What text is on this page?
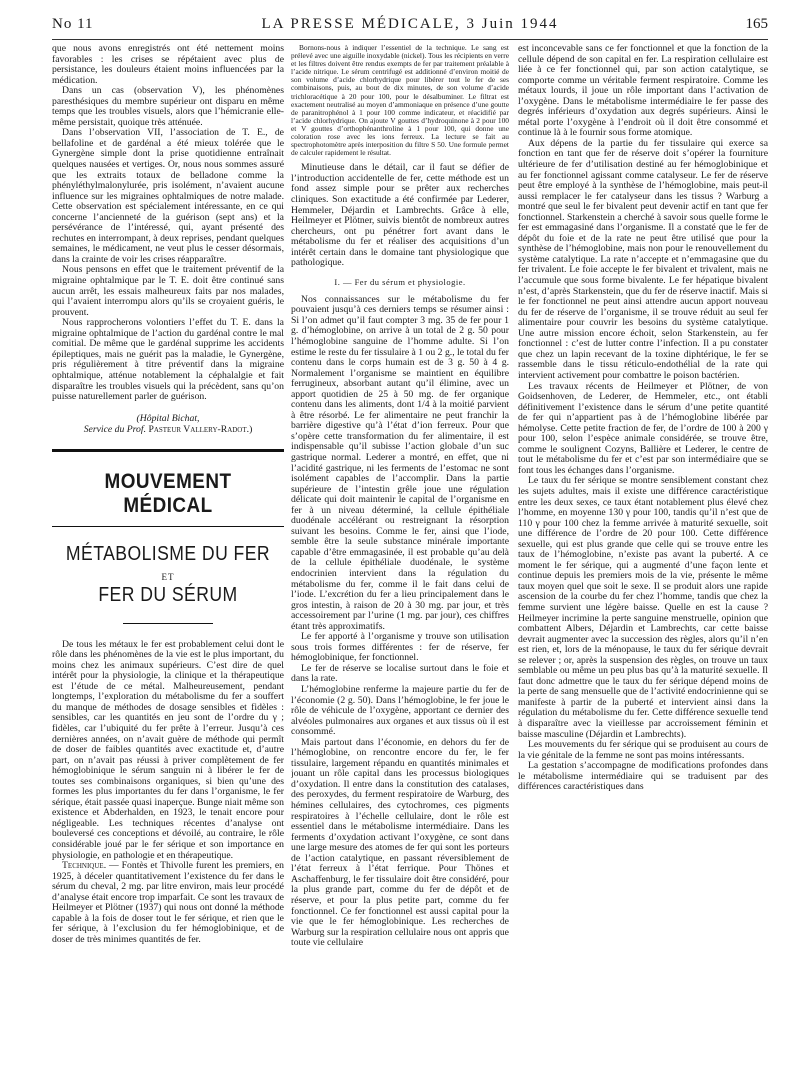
No 11	LA PRESSE MÉDICALE, 3 Juin 1944	165

que nous avons enregistrés ont été nettement moins favorables : les crises se répétaient avec plus de persistance, les douleurs étaient moins influencées par la médication.

Dans un cas (observation V), les phénomènes paresthésiques du membre supérieur ont disparu en même temps que les troubles visuels, alors que l’hémicranie elle-même persistait, quoique très atténuée.

Dans l’observation VII, l’association de T. E., de bellafoline et de gardénal a été mieux tolérée que le Gynergène simple dont la prise quotidienne entraînait quelques nausées et vertiges. Or, nous nous sommes assuré que les extraits totaux de belladone comme la phényléthylmalonylurée, pris isolément, n’avaient aucune influence sur les migraines ophtalmiques de notre malade. Cette observation est spécialement intéressante, en ce qui concerne l’ancienneté de la guérison (sept ans) et la persévérance de l’intéressé, qui, ayant présenté des rechutes en interrompant, à deux reprises, pendant quelques semaines, le médicament, ne veut plus le cesser désormais, dans la crainte de voir les crises réapparaître.

Nous pensons en effet que le traitement préventif de la migraine ophtalmique par le T. E. doit être continué sans aucun arrêt, les essais malheureux faits par nos malades, qui l’avaient interrompu alors qu’ils se croyaient guéris, le prouvent.

Nous rapprocherons volontiers l’effet du T. E. dans la migraine ophtalmique de l’action du gardénal contre le mal comitial. De même que le gardénal supprime les accidents épileptiques, mais ne guérit pas la maladie, le Gynergène, pris régulièrement à titre préventif dans la migraine ophtalmique, atténue notablement la céphalalgie et fait disparaître les troubles visuels qui la précèdent, sans qu’on puisse naturellement parler de guérison.

(Hôpital Bichat,
Service du Prof. Pasteur Vallery-Radot.)
MOUVEMENT MÉDICAL
MÉTABOLISME DU FER
ET
FER DU SÉRUM

De tous les métaux le fer est probablement celui dont le rôle dans les phénomènes de la vie est le plus important, du moins chez les animaux supérieurs. C’est dire de quel intérêt pour la physiologie, la clinique et la thérapeutique est l’étude de ce métal. Malheureusement, pendant longtemps, l’exploration du métabolisme du fer a souffert du manque de méthodes de dosage sensibles et fidèles : sensibles, car les quantités en jeu sont de l’ordre du γ ; fidèles, car l’ubiquité du fer prête à l’erreur. Jusqu’à ces dernières années, on n’avait guère de méthode qui permît de doser de faibles quantités avec exactitude et, d’autre part, on n’avait pas réussi à priver complètement de fer hémoglobinique le sérum sanguin ni à libérer le fer de toutes ses combinaisons organiques, si bien qu’une des formes les plus importantes du fer dans l’organisme, le fer sérique, était passée quasi inaperçue. Bunge niait même son existence et Abderhalden, en 1923, le tenait encore pour négligeable. Les techniques récentes d’analyse ont bouleversé ces conceptions et dévoilé, au contraire, le rôle considérable joué par le fer sérique et son importance en physiologie, en pathologie et en thérapeutique.

Technique. — Fontès et Thivolle furent les premiers, en 1925, à déceler quantitativement l’existence du fer dans le sérum du cheval, 2 mg. par litre environ, mais leur procédé d’analyse était encore trop imparfait. Ce sont les travaux de Heilmeyer et Plötner (1937) qui nous ont donné la méthode capable à la fois de doser tout le fer sérique, et rien que le fer sérique, à l’exclusion du fer hémoglobinique, et de doser de très minimes quantités de fer.

Bornons-nous à indiquer l’essentiel de la technique. Le sang est prélevé avec une aiguille inoxydable (nickel). Tous les récipients en verre et les filtres doivent être rendus exempts de fer par traitement préalable à l’acide nitrique. Le sérum centrifugé est additionné d’environ moitié de son volume d’acide chlorhydrique pour libérer tout le fer de ses combinaisons, puis, au bout de dix minutes, de son volume d’acide trichloracétique à 20 pour 100, pour le désalbuminer. Le filtrat est exactement neutralisé au moyen d’ammoniaque en présence d’une goutte de paranitrophénol à 1 pour 100 comme indicateur, et réacidifié par l’acide chlorhydrique. On ajoute V gouttes d’hydroquinone à 2 pour 100 et V gouttes d’orthophénanthroline à 1 pour 100, qui donne une coloration rose avec les ions ferreux. La lecture se fait au spectrophotomètre après interposition du filtre S 50. Une formule permet de calculer rapidement le résultat.

Minutieuse dans le détail, car il faut se défier de l’introduction accidentelle de fer, cette méthode est un fond assez simple pour se prêter aux recherches cliniques. Son exactitude a été confirmée par Lederer, Hemmeler, Déjardin et Lambrechts. Grâce à elle, Heilmeyer et Plötner, suivis bientôt de nombreux autres chercheurs, ont pu pénétrer fort avant dans le métabolisme du fer et réaliser des acquisitions d’un intérêt certain dans le domaine tant physiologique que pathologique.

I. — Fer du sérum et physiologie.

Nos connaissances sur le métabolisme du fer pouvaient jusqu’à ces derniers temps se résumer ainsi : Si l’on admet qu’il faut compter 3 mg. 35 de fer pour 1 g. d’hémoglobine, on arrive à un total de 2 g. 50 pour l’hémoglobine sanguine de l’homme adulte. Si l’on estime le reste du fer tissulaire à 1 ou 2 g., le total du fer contenu dans le corps humain est de 3 g. 50 à 4 g. Normalement l’organisme se maintient en équilibre ferrugineux, absorbant autant qu’il élimine, avec un apport quotidien de 25 à 50 mg. de fer organique contenu dans les aliments, dont 1/4 à la moitié parvient à être résorbé. Le fer alimentaire ne peut franchir la barrière digestive qu’à l’état d’ion ferreux. Pour que s’opère cette transformation du fer alimentaire, il est indispensable qu’il subisse l’action globale d’un suc gastrique normal. Lederer a montré, en effet, que ni l’acidité gastrique, ni les ferments de l’estomac ne sont isolément capables de l’accomplir. Dans la partie supérieure de l’intestin grêle joue une régulation délicate qui doit maintenir le capital de l’organisme en fer à un niveau déterminé, la cellule épithéliale duodénale accélérant ou restreignant la résorption suivant les besoins. Comme le fer, ainsi que l’iode, semble être la seule substance minérale importante capable d’être emmagasinée, il est probable qu’au delà de la cellule épithéliale duodénale, le système endocrinien intervient dans la régulation du métabolisme du fer, comme il le fait dans celui de l’iode. L’excrétion du fer a lieu principalement dans le gros intestin, à raison de 20 à 30 mg. par jour, et très accessoirement par l’urine (1 mg. par jour), ces chiffres étant très approximatifs.

Le fer apporté à l’organisme y trouve son utilisation sous trois formes différentes : fer de réserve, fer hémoglobinique, fer fonctionnel.

Le fer de réserve se localise surtout dans le foie et dans la rate.

L’hémoglobine renferme la majeure partie du fer de l’économie (2 g. 50). Dans l’hémoglobine, le fer joue le rôle de véhicule de l’oxygène, apportant ce dernier des alvéoles pulmonaires aux organes et aux tissus où il est consommé.

Mais partout dans l’économie, en dehors du fer de l’hémoglobine, on rencontre encore du fer, le fer tissulaire, largement répandu en quantités minimales et jouant un rôle capital dans les processus biologiques d’oxydation. Il entre dans la constitution des catalases, des peroxydes, du ferment respiratoire de Warburg, des hémines cellulaires, des cytochromes, ces pigments respiratoires à l’échelle cellulaire, dont le rôle est essentiel dans le métabolisme intermédiaire. Dans les ferments d’oxydation activant l’oxygène, ce sont dans une large mesure des atomes de fer qui sont les porteurs de l’action catalytique, en passant réversiblement de l’état ferreux à l’état ferrique. Pour Thönes et Aschaffenburg, le fer tissulaire doit être considéré, pour la plus grande part, comme du fer de dépôt et de réserve, et pour la plus petite part, comme du fer fonctionnel. Ce fer fonctionnel est aussi capital pour la vie que le fer hémoglobinique. Les recherches de Warburg sur la respiration cellulaire nous ont appris que toute vie cellulaire

est inconcevable sans ce fer fonctionnel et que la fonction de la cellule dépend de son capital en fer. La respiration cellulaire est liée à ce fer fonctionnel qui, par son action catalytique, se comporte comme un véritable ferment respiratoire. Comme les métaux lourds, il joue un rôle important dans l’activation de l’oxygène. Dans le métabolisme intermédiaire le fer passe des degrés inférieurs d’oxydation aux degrés supérieurs. Ainsi le métal porte l’oxygène à l’endroit où il doit être consommé et continue là à le fournir sous forme atomique.

Aux dépens de la partie du fer tissulaire qui exerce sa fonction en tant que fer de réserve doit s’opérer la fourniture ultérieure de fer d’utilisation destiné au fer hémoglobinique et au fer fonctionnel agissant comme catalyseur. Le fer de réserve peut être employé à la synthèse de l’hémoglobine, mais peut-il aussi remplacer le fer catalyseur dans les tissus ? Warburg a montré que seul le fer bivalent peut devenir actif en tant que fer fonctionnel. Starkenstein a cherché à savoir sous quelle forme le fer est emmagasiné dans l’organisme. Il a constaté que le fer de dépôt du foie et de la rate ne peut être utilisé que pour la synthèse de l’hémoglobine, mais non pour le renouvellement du système catalytique. La rate n’accepte et n’emmagasine que du fer trivalent. Le foie accepte le fer bivalent et trivalent, mais ne l’accumule que sous forme bivalente. Le fer hépatique bivalent n’est, d’après Starkenstein, que du fer de réserve inactif. Mais si le fer fonctionnel ne peut ainsi attendre aucun apport nouveau du fer de réserve de l’organisme, il se trouve réduit au seul fer alimentaire pour couvrir les besoins du système catalytique. Une autre mission encore échoit, selon Starkenstein, au fer fonctionnel : c’est de lutter contre l’infection. Il a pu constater que chez un lapin recevant de la toxine diphtérique, le fer se rassemble dans le tissu réticulo-endothélial de la rate qui intervient activement pour combattre le poison bactérien.

Les travaux récents de Heilmeyer et Plötner, de von Goidsenhoven, de Lederer, de Hemmeler, etc., ont établi définitivement l’existence dans le sérum d’une petite quantité de fer qui n’appartient pas à de l’hémoglobine libérée par hémolyse. Cette petite fraction de fer, de l’ordre de 100 à 200 γ pour 100, selon l’espèce animale considérée, se trouve être, comme le soulignent Cozyns, Ballière et Lederer, le centre de tout le métabolisme du fer et c’est par son intermédiaire que se font tous les échanges dans l’organisme.

Le taux du fer sérique se montre sensiblement constant chez les sujets adultes, mais il existe une différence caractéristique entre les deux sexes, ce taux étant notablement plus élevé chez l’homme, en moyenne 130 γ pour 100, tandis qu’il n’est que de 110 γ pour 100 chez la femme arrivée à maturité sexuelle, soit une différence de l’ordre de 20 pour 100. Cette différence sexuelle, qui est plus grande que celle qui se trouve entre les taux de l’hémoglobine, n’existe pas avant la puberté. A ce moment le fer sérique, qui a augmenté d’une façon lente et continue depuis les premiers mois de la vie, présente le même taux moyen quel que soit le sexe. Il se produit alors une rapide ascension de la courbe du fer chez l’homme, tandis que chez la femme survient une légère baisse. Quelle en est la cause ? Heilmeyer incrimine la perte sanguine menstruelle, opinion que combattent Albers, Déjardin et Lambrechts, car cette baisse devrait augmenter avec la succession des règles, alors qu’il n’en est rien, et, lors de la ménopause, le taux du fer sérique devrait se relever ; or, après la suspension des règles, on trouve un taux semblable ou même un peu plus bas qu’à la maturité sexuelle. Il faut donc admettre que le taux du fer sérique dépend moins de la perte de sang mensuelle que de l’activité endocrinienne qui se manifeste à partir de la puberté et intervient ainsi dans la régulation du métabolisme du fer. Cette différence sexuelle tend à disparaître avec la vieillesse par accroissement féminin et baisse masculine (Déjardin et Lambrechts).

Les mouvements du fer sérique qui se produisent au cours de la vie génitale de la femme ne sont pas moins intéressants.

La gestation s’accompagne de modifications profondes dans le métabolisme intermédiaire qui se traduisent par des différences caractéristiques dans
